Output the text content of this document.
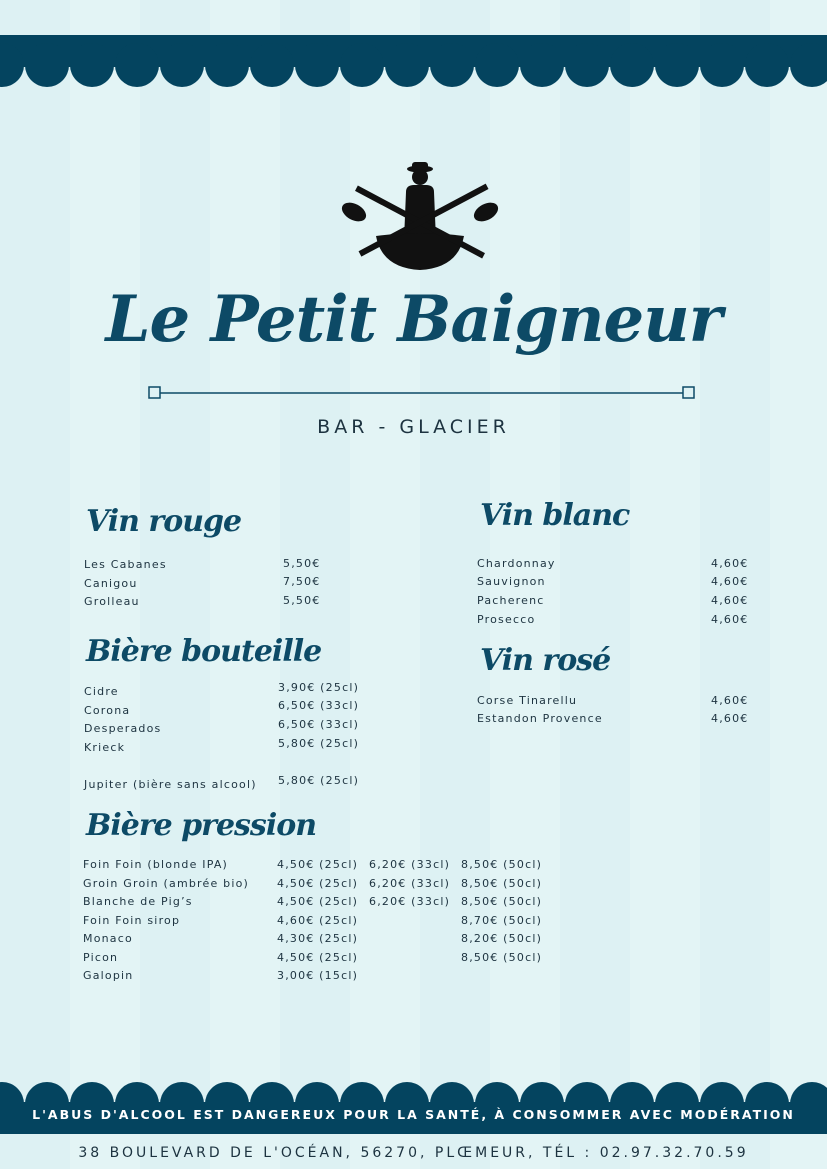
Le Petit Baigneur
BAR - GLACIER
Vin rouge
Les Cabanes	5,50€
Canigou	7,50€
Grolleau	5,50€
Vin blanc
Chardonnay	4,60€
Sauvignon	4,60€
Pacherenc	4,60€
Prosecco	4,60€
Vin rosé
Corse Tinarellu	4,60€
Estandon Provence	4,60€
Bière bouteille
Cidre	3,90€ (25cl)
Corona	6,50€ (33cl)
Desperados	6,50€ (33cl)
Krieck	5,80€ (25cl)
Jupiter (bière sans alcool) 5,80€ (25cl)
Bière pression
Foin Foin (blonde IPA)	4,50€ (25cl) 6,20€ (33cl) 8,50€ (50cl)
Groin Groin (ambrée bio)	4,50€ (25cl) 6,20€ (33cl) 8,50€ (50cl)
Blanche de Pig’s	4,50€ (25cl) 6,20€ (33cl) 8,50€ (50cl)
Foin Foin sirop	4,60€ (25cl)	8,70€ (50cl)
Monaco	4,30€ (25cl)	8,20€ (50cl)
Picon	4,50€ (25cl)	8,50€ (50cl)
Galopin	3,00€ (15cl)
L'ABUS D'ALCOOL EST DANGEREUX POUR LA SANTÉ, À CONSOMMER AVEC MODÉRATION
38 BOULEVARD DE L'OCÉAN, 56270, PLŒMEUR, TÉL : 02.97.32.70.59
